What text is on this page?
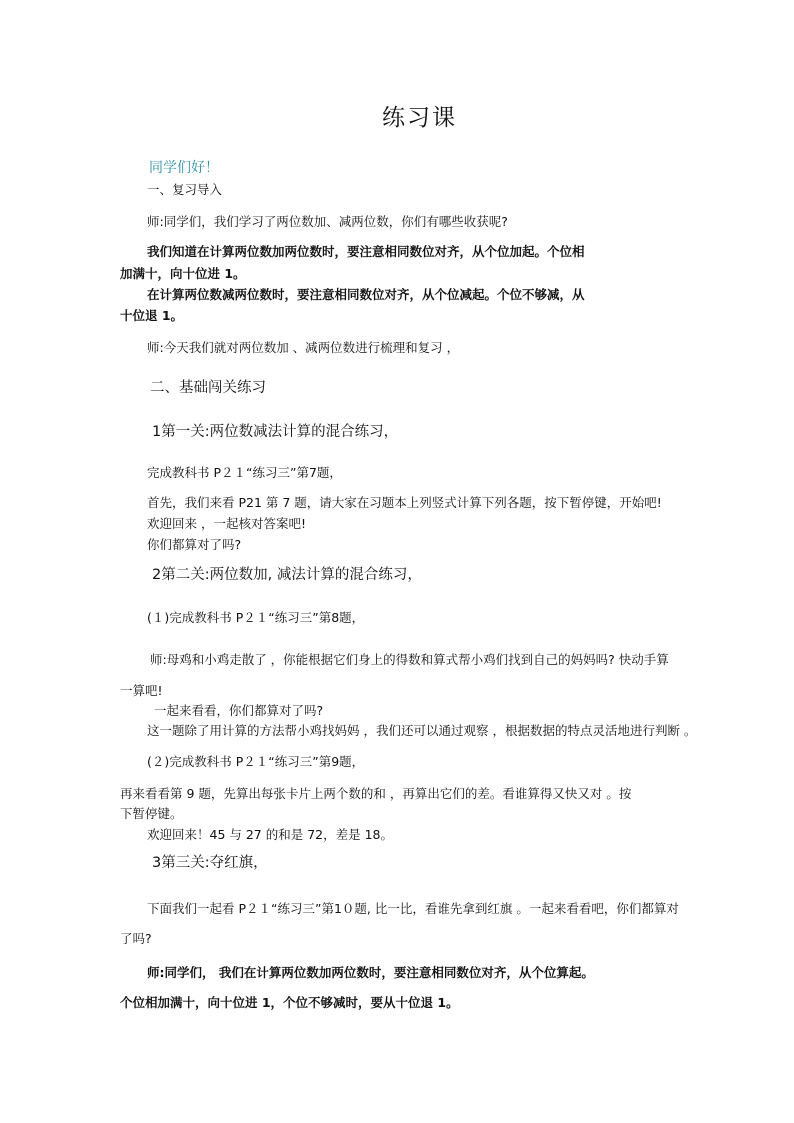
练习课
同学们好！
一、复习导入
师:同学们，我们学习了两位数加、减两位数，你们有哪些收获呢?
我们知道在计算两位数加两位数时，要注意相同数位对齐，从个位加起。个位相
加满十，向十位进 1。
在计算两位数减两位数时，要注意相同数位对齐，从个位减起。个位不够减，从
十位退 1。
师:今天我们就对两位数加 、减两位数进行梳理和复习 ，
二、基础闯关练习
1第一关:两位数减法计算的混合练习，
完成教科书 P２１“练习三”第7题，
首先，我们来看 P21 第 7 题，请大家在习题本上列竖式计算下列各题，按下暂停键，开始吧!
欢迎回来 ，一起核对答案吧!
你们都算对了吗?
2第二关:两位数加, 减法计算的混合练习，
(１)完成教科书 P２１“练习三”第8题，
师:母鸡和小鸡走散了 ，你能根据它们身上的得数和算式帮小鸡们找到自己的妈妈吗? 快动手算
一算吧!
一起来看看，你们都算对了吗?
这一题除了用计算的方法帮小鸡找妈妈 ，我们还可以通过观察 ，根据数据的特点灵活地进行判断 。
(２)完成教科书 P２１“练习三”第9题，
再来看看第 9 题，先算出每张卡片上两个数的和 ，再算出它们的差。看谁算得又快又对 。按
下暂停键。
欢迎回来！45 与 27 的和是 72，差是 18。
3第三关:夺红旗，
下面我们一起看 P２１“练习三”第1０题, 比一比，看谁先拿到红旗 。一起来看看吧，你们都算对
了吗?
师:同学们， 我们在计算两位数加两位数时，要注意相同数位对齐，从个位算起。
个位相加满十，向十位进 1，个位不够减时，要从十位退 1。
